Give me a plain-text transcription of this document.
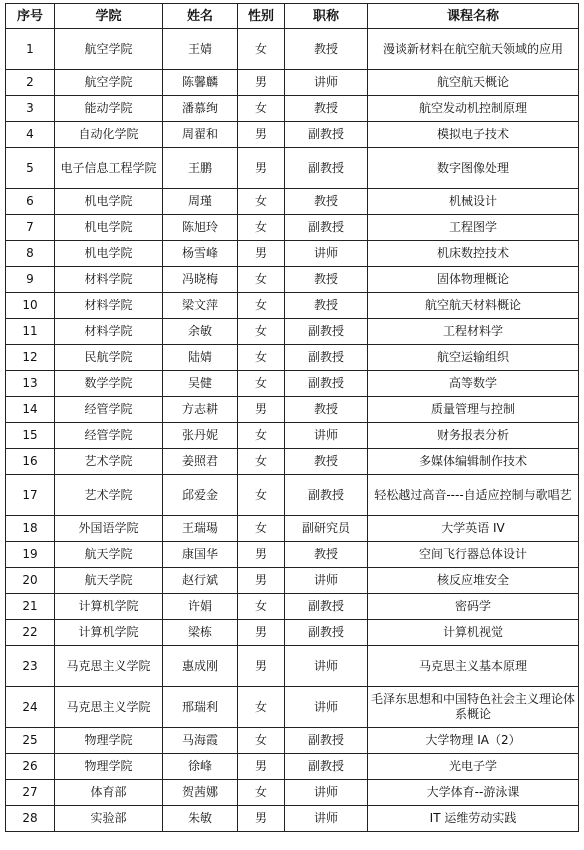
序号	学院	姓名	性别	职称	课程名称
1	航空学院	王婧	女	教授	漫谈新材料在航空航天领域的应用
2	航空学院	陈馨麟	男	讲师	航空航天概论
3	能动学院	潘慕绚	女	教授	航空发动机控制原理
4	自动化学院	周翟和	男	副教授	模拟电子技术
5	电子信息工程学院	王鹏	男	副教授	数字图像处理
6	机电学院	周瑾	女	教授	机械设计
7	机电学院	陈旭玲	女	副教授	工程图学
8	机电学院	杨雪峰	男	讲师	机床数控技术
9	材料学院	冯晓梅	女	教授	固体物理概论
10	材料学院	梁文萍	女	教授	航空航天材料概论
11	材料学院	余敏	女	副教授	工程材料学
12	民航学院	陆婧	女	副教授	航空运输组织
13	数学学院	吴健	女	副教授	高等数学
14	经管学院	方志耕	男	教授	质量管理与控制
15	经管学院	张丹妮	女	讲师	财务报表分析
16	艺术学院	姜照君	女	教授	多媒体编辑制作技术
17	艺术学院	邱爱金	女	副教授	轻松越过高音----自适应控制与歌唱艺
18	外国语学院	王瑞瑒	女	副研究员	大学英语 IV
19	航天学院	康国华	男	教授	空间飞行器总体设计
20	航天学院	赵行斌	男	讲师	核反应堆安全
21	计算机学院	许娟	女	副教授	密码学
22	计算机学院	梁栋	男	副教授	计算机视觉
23	马克思主义学院	惠成刚	男	讲师	马克思主义基本原理
24	马克思主义学院	邢瑞利	女	讲师	毛泽东思想和中国特色社会主义理论体系概论
25	物理学院	马海霞	女	副教授	大学物理 IA（2）
26	物理学院	徐峰	男	副教授	光电子学
27	体育部	贺茜娜	女	讲师	大学体育--游泳课
28	实验部	朱敏	男	讲师	IT 运维劳动实践
